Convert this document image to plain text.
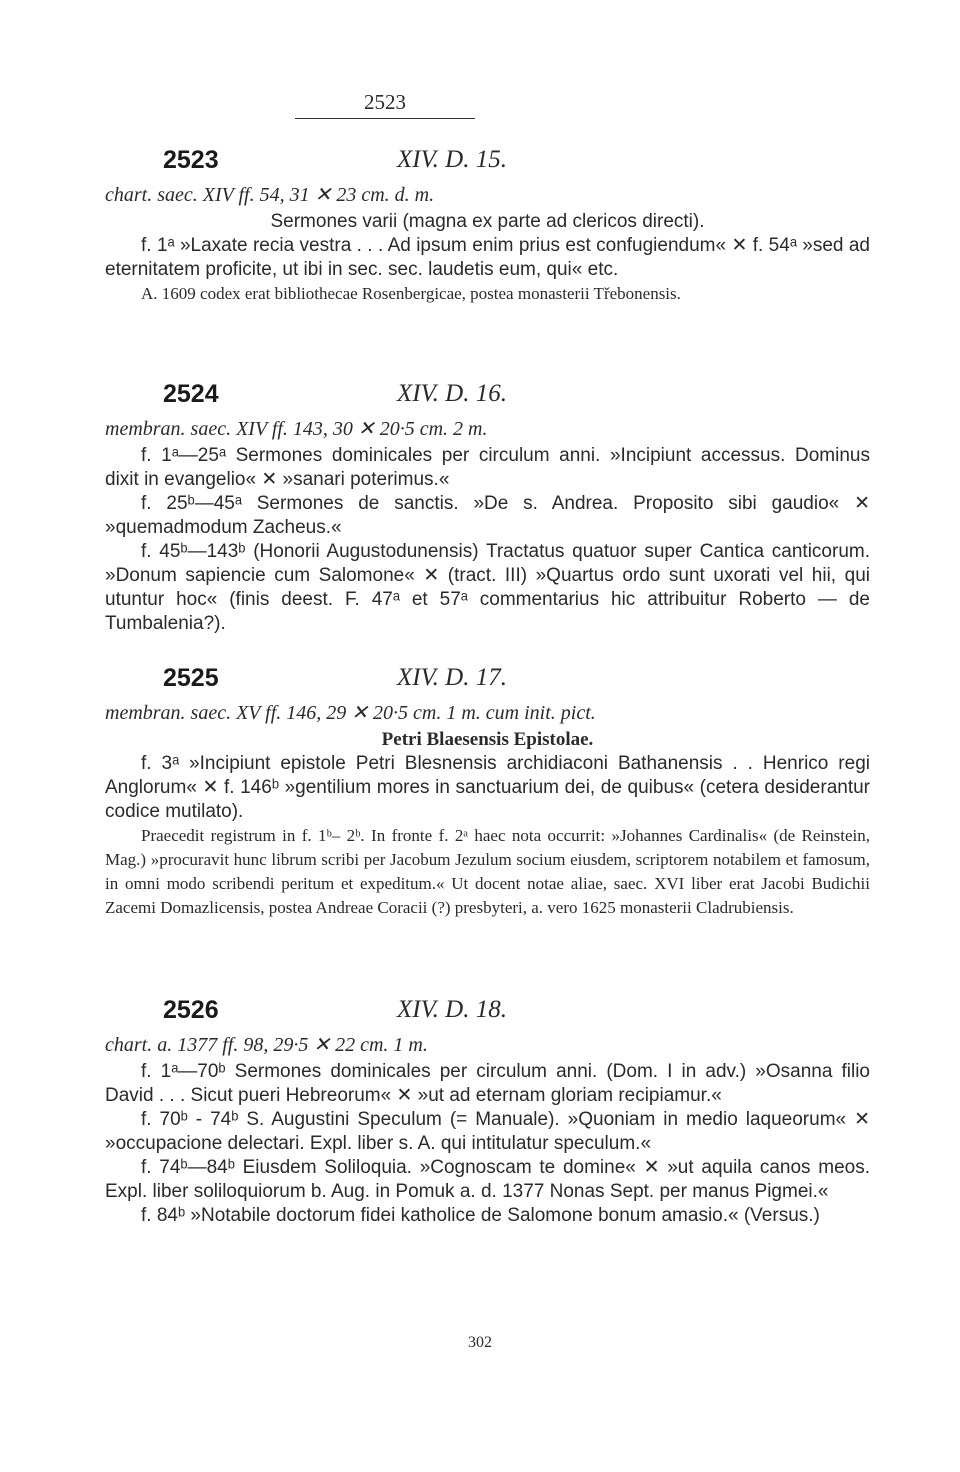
2523
2523	XIV. D. 15.
chart. saec. XIV ff. 54, 31 ✕ 23 cm. d. m.

Sermones varii (magna ex parte ad clericos directi).

f. 1ᵃ »Laxate recia vestra . . . Ad ipsum enim prius est confugiendum« ✕ f. 54ᵃ »sed ad eternitatem proficite, ut ibi in sec. sec. laudetis eum, qui« etc.

A. 1609 codex erat bibliothecae Rosenbergicae, postea monasterii Třebonensis.

2524	XIV. D. 16.
membran. saec. XIV ff. 143, 30 ✕ 20·5 cm. 2 m.

f. 1ᵃ—25ᵃ Sermones dominicales per circulum anni. »Incipiunt accessus. Dominus dixit in evangelio« ✕ »sanari poterimus.«

f. 25ᵇ—45ᵃ Sermones de sanctis. »De s. Andrea. Proposito sibi gaudio« ✕ »quemadmodum Zacheus.«

f. 45ᵇ—143ᵇ (Honorii Augustodunensis) Tractatus quatuor super Cantica canticorum. »Donum sapiencie cum Salomone« ✕ (tract. III) »Quartus ordo sunt uxorati vel hii, qui utuntur hoc« (finis deest. F. 47ᵃ et 57ᵃ commentarius hic attribuitur Roberto — de Tumbalenia?).

2525	XIV. D. 17.
membran. saec. XV ff. 146, 29 ✕ 20·5 cm. 1 m. cum init. pict.

Petri Blaesensis Epistolae.

f. 3ᵃ »Incipiunt epistole Petri Blesnensis archidiaconi Bathanensis . . Henrico regi Anglorum« ✕ f. 146ᵇ »gentilium mores in sanctuarium dei, de quibus« (cetera desiderantur codice mutilato).

Praecedit registrum in f. 1ᵇ– 2ᵇ. In fronte f. 2ᵃ haec nota occurrit: »Johannes Cardinalis« (de Reinstein, Mag.) »procuravit hunc librum scribi per Jacobum Jezulum socium eiusdem, scriptorem notabilem et famosum, in omni modo scribendi peritum et expeditum.« Ut docent notae aliae, saec. XVI liber erat Jacobi Budichii Zacemi Domazlicensis, postea Andreae Coracii (?) presbyteri, a. vero 1625 monasterii Cladrubiensis.

2526	XIV. D. 18.
chart. a. 1377 ff. 98, 29·5 ✕ 22 cm. 1 m.

f. 1ᵃ—70ᵇ Sermones dominicales per circulum anni. (Dom. I in adv.) »Osanna filio David . . . Sicut pueri Hebreorum« ✕ »ut ad eternam gloriam recipiamur.«

f. 70ᵇ - 74ᵇ S. Augustini Speculum (= Manuale). »Quoniam in medio laqueorum« ✕ »occupacione delectari. Expl. liber s. A. qui intitulatur speculum.«

f. 74ᵇ—84ᵇ Eiusdem Soliloquia. »Cognoscam te domine« ✕ »ut aquila canos meos. Expl. liber soliloquiorum b. Aug. in Pomuk a. d. 1377 Nonas Sept. per manus Pigmei.«

f. 84ᵇ »Notabile doctorum fidei katholice de Salomone bonum amasio.« (Versus.)

302
